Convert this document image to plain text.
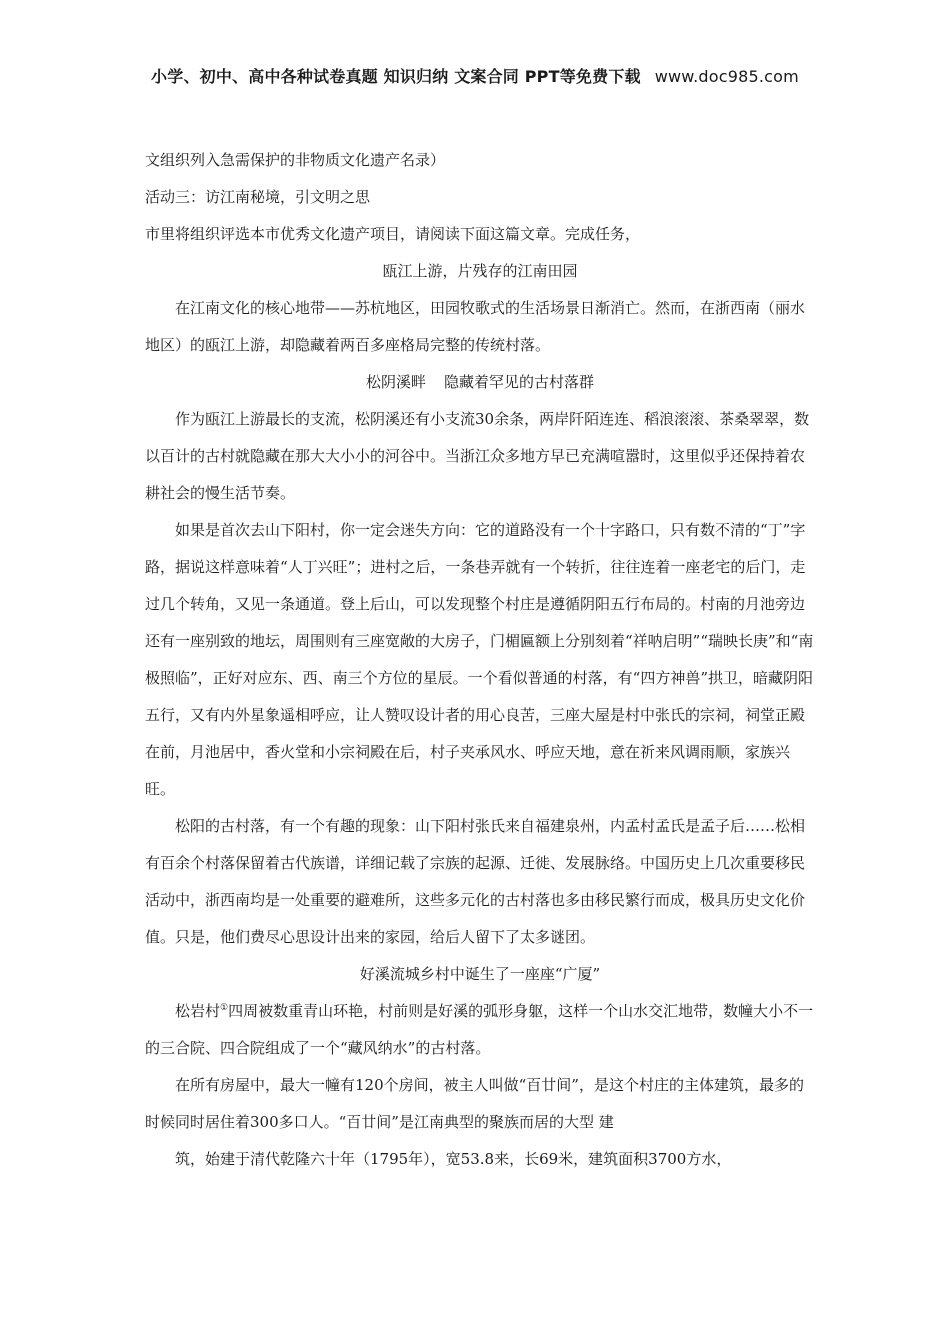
小学、初中、高中各种试卷真题 知识归纳 文案合同 PPT等免费下载 www.doc985.com

文组织列入急需保护的非物质文化遗产名录）

活动三：访江南秘境，引文明之思

市里将组织评选本市优秀文化遗产项目，请阅读下面这篇文章。完成任务，

瓯江上游，片残存的江南田园

在江南文化的核心地带——苏杭地区，田园牧歌式的生活场景日渐消亡。然而，在浙西南（丽水地区）的瓯江上游，却隐藏着两百多座格局完整的传统村落。

松阴溪畔 隐藏着罕见的古村落群

作为瓯江上游最长的支流，松阴溪还有小支流30余条，两岸阡陌连连、稻浪滚滚、茶桑翠翠，数以百计的古村就隐藏在那大大小小的河谷中。当浙江众多地方早已充满喧嚣时，这里似乎还保持着农耕社会的慢生活节奏。

如果是首次去山下阳村，你一定会迷失方向：它的道路没有一个十字路口，只有数不清的“丁”字路，据说这样意味着“人丁兴旺”；进村之后，一条巷弄就有一个转折，往往连着一座老宅的后门，走过几个转角，又见一条通道。登上后山，可以发现整个村庄是遵循阴阳五行布局的。村南的月池旁边还有一座别致的地坛，周围则有三座宽敞的大房子，门楣匾额上分别刻着“祥呐启明”“瑞映长庚”和“南极照临”，正好对应东、西、南三个方位的星辰。一个看似普通的村落，有“四方神兽”拱卫，暗藏阴阳五行，又有内外星象遥相呼应，让人赞叹设计者的用心良苦，三座大屋是村中张氏的宗祠，祠堂正殿在前，月池居中，香火堂和小宗祠殿在后，村子夹承风水、呼应天地，意在祈来风调雨顺，家族兴旺。

松阳的古村落，有一个有趣的现象：山下阳村张氏来自福建泉州，内孟村孟氏是孟子后……松相有百余个村落保留着古代族谱，详细记载了宗族的起源、迁徙、发展脉络。中国历史上几次重要移民活动中，浙西南均是一处重要的避难所，这些多元化的古村落也多由移民繁行而成，极具历史文化价值。只是，他们费尽心思设计出来的家园，给后人留下了太多谜团。

好溪流城乡村中诞生了一座座“广厦”

松岩村①四周被数重青山环艳，村前则是好溪的弧形身躯，这样一个山水交汇地带，数幢大小不一的三合院、四合院组成了一个“藏风纳水”的古村落。

在所有房屋中，最大一幢有120个房间，被主人叫做“百廿间”，是这个村庄的主体建筑，最多的时候同时居住着300多口人。“百廿间”是江南典型的聚族而居的大型 建

筑，始建于清代乾隆六十年（1795年），宽53.8来，长69米，建筑面积3700方水，
